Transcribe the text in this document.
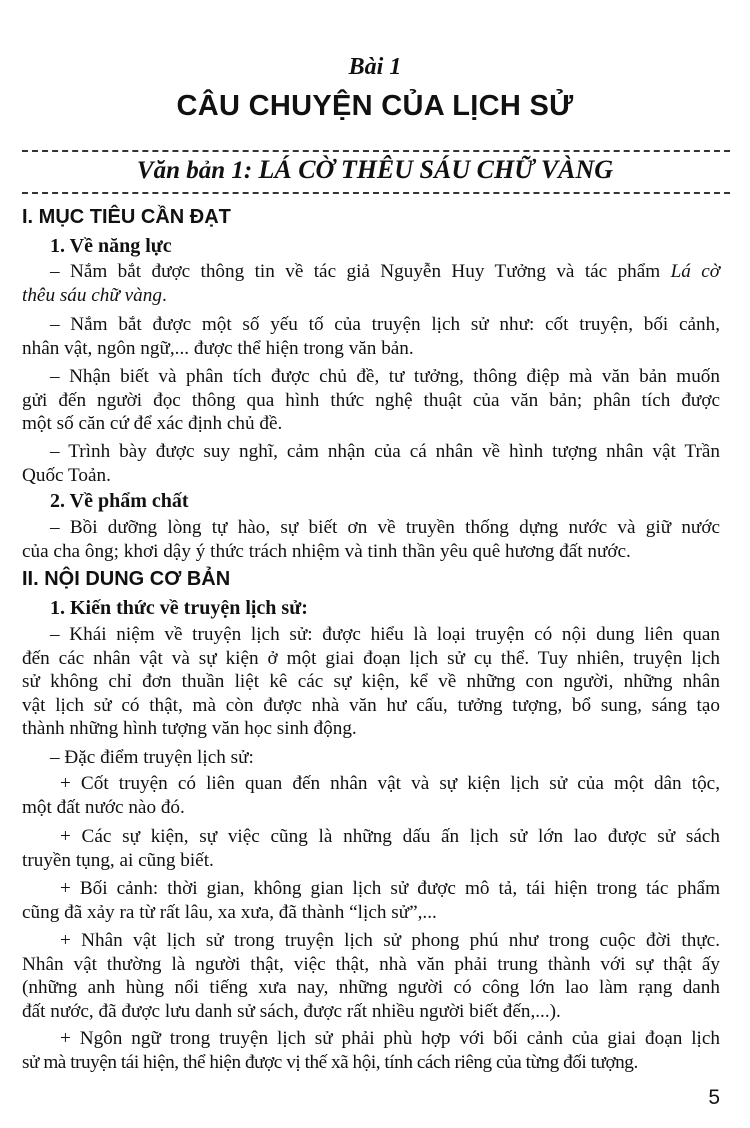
Bài 1
CÂU CHUYỆN CỦA LỊCH SỬ
Văn bản 1: LÁ CỜ THÊU SÁU CHỮ VÀNG
I. MỤC TIÊU CẦN ĐẠT
1. Về năng lực
– Nắm bắt được thông tin về tác giả Nguyễn Huy Tưởng và tác phẩm Lá cờ
thêu sáu chữ vàng.
– Nắm bắt được một số yếu tố của truyện lịch sử như: cốt truyện, bối cảnh,
nhân vật, ngôn ngữ,... được thể hiện trong văn bản.
– Nhận biết và phân tích được chủ đề, tư tưởng, thông điệp mà văn bản muốn
gửi đến người đọc thông qua hình thức nghệ thuật của văn bản; phân tích được
một số căn cứ để xác định chủ đề.
– Trình bày được suy nghĩ, cảm nhận của cá nhân về hình tượng nhân vật Trần
Quốc Toản.
2. Về phẩm chất
– Bồi dưỡng lòng tự hào, sự biết ơn về truyền thống dựng nước và giữ nước
của cha ông; khơi dậy ý thức trách nhiệm và tinh thần yêu quê hương đất nước.
II. NỘI DUNG CƠ BẢN
1. Kiến thức về truyện lịch sử:
– Khái niệm về truyện lịch sử: được hiểu là loại truyện có nội dung liên quan
đến các nhân vật và sự kiện ở một giai đoạn lịch sử cụ thể. Tuy nhiên, truyện lịch
sử không chỉ đơn thuần liệt kê các sự kiện, kể về những con người, những nhân
vật lịch sử có thật, mà còn được nhà văn hư cấu, tưởng tượng, bổ sung, sáng tạo
thành những hình tượng văn học sinh động.
– Đặc điểm truyện lịch sử:
+ Cốt truyện có liên quan đến nhân vật và sự kiện lịch sử của một dân tộc,
một đất nước nào đó.
+ Các sự kiện, sự việc cũng là những dấu ấn lịch sử lớn lao được sử sách
truyền tụng, ai cũng biết.
+ Bối cảnh: thời gian, không gian lịch sử được mô tả, tái hiện trong tác phẩm
cũng đã xảy ra từ rất lâu, xa xưa, đã thành “lịch sử”,...
+ Nhân vật lịch sử trong truyện lịch sử phong phú như trong cuộc đời thực.
Nhân vật thường là người thật, việc thật, nhà văn phải trung thành với sự thật ấy
(những anh hùng nổi tiếng xưa nay, những người có công lớn lao làm rạng danh
đất nước, đã được lưu danh sử sách, được rất nhiều người biết đến,...).
+ Ngôn ngữ trong truyện lịch sử phải phù hợp với bối cảnh của giai đoạn lịch
sử mà truyện tái hiện, thể hiện được vị thế xã hội, tính cách riêng của từng đối tượng.
5
